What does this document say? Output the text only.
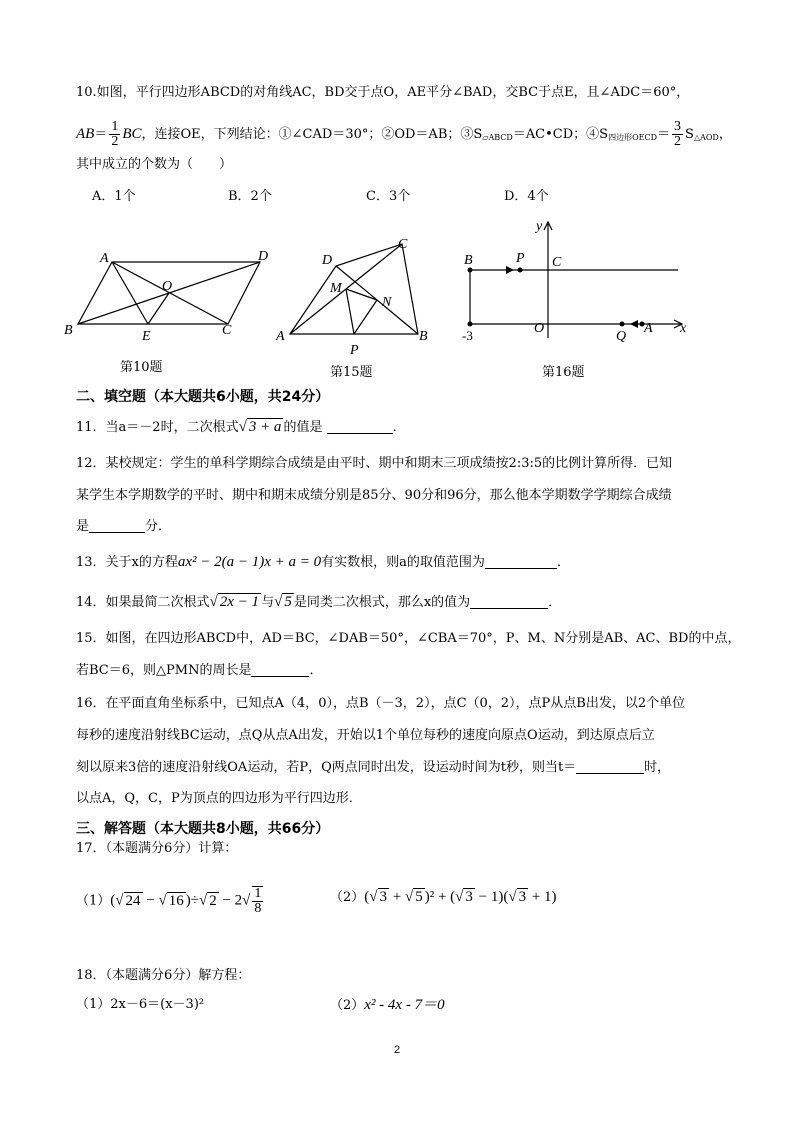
10.如图，平行四边形ABCD的对角线AC，BD交于点O，AE平分∠BAD，交BC于点E，且∠ADC＝60°，
$AB= \frac{1}{2}$ BC，连接OE，下列结论：①∠CAD＝30°；②OD＝AB；$③S_{▱ABCD}=AC•CD$；$④S_{四边形OECD}= \frac{3}{2} S_{\triangle AOD}$，
其中成立的个数为（　　）
A．1个	B．2个	C．3个	D．4个
A	D
O
B	E	C
第10题
D
C
M
N
A
P
B
第15题
y
B	P C
-3	O
Q
A x
第16题
二、填空题（本大题共6小题，共24分）
11．当a＝－2时，二次根式√ 3 + a 的值是	．
12．某校规定：学生的单科学期综合成绩是由平时、期中和期末三项成绩按2:3:5的比例计算所得．已知
某学生本学期数学的平时、期中和期末成绩分别是85分、90分和96分，那么他本学期数学学期综合成绩
是	分．
13．关于x的方程ax² − 2(a − 1)x + a = 0有实数根，则a的取值范围为	．
14．如果最简二次根式√ 2x − 1 与√ 5 是同类二次根式，那么x的值为	．
15．如图，在四边形ABCD中，AD＝BC，∠DAB＝50°，∠CBA＝70°，P、M、N分别是AB、AC、BD的中点，
若BC＝6，则△PMN的周长是	．
16．在平面直角坐标系中，已知点A（4，0），点B（－3，2），点C（0，2），点P从点B出发，以2个单位
每秒的速度沿射线BC运动，点Q从点A出发，开始以1个单位每秒的速度向原点O运动，到达原点后立
刻以原来3倍的速度沿射线OA运动，若P，Q两点同时出发，设运动时间为t秒，则当t＝	时，
以点A，Q，C，P为顶点的四边形为平行四边形．
三、解答题（本大题共8小题，共66分）
17．（本题满分6分）计算：
（1）(√ 24 − √ 16 )÷√ $2 - 2√ \frac{1}{8}$	（2）(√ 3 + √ 5 )² + (√ 3 − 1)(√ 3 + 1)
18．（本题满分6分）解方程：
（1）2x－6＝(x－3)²	（2）x² - 4x - 7＝0
2
